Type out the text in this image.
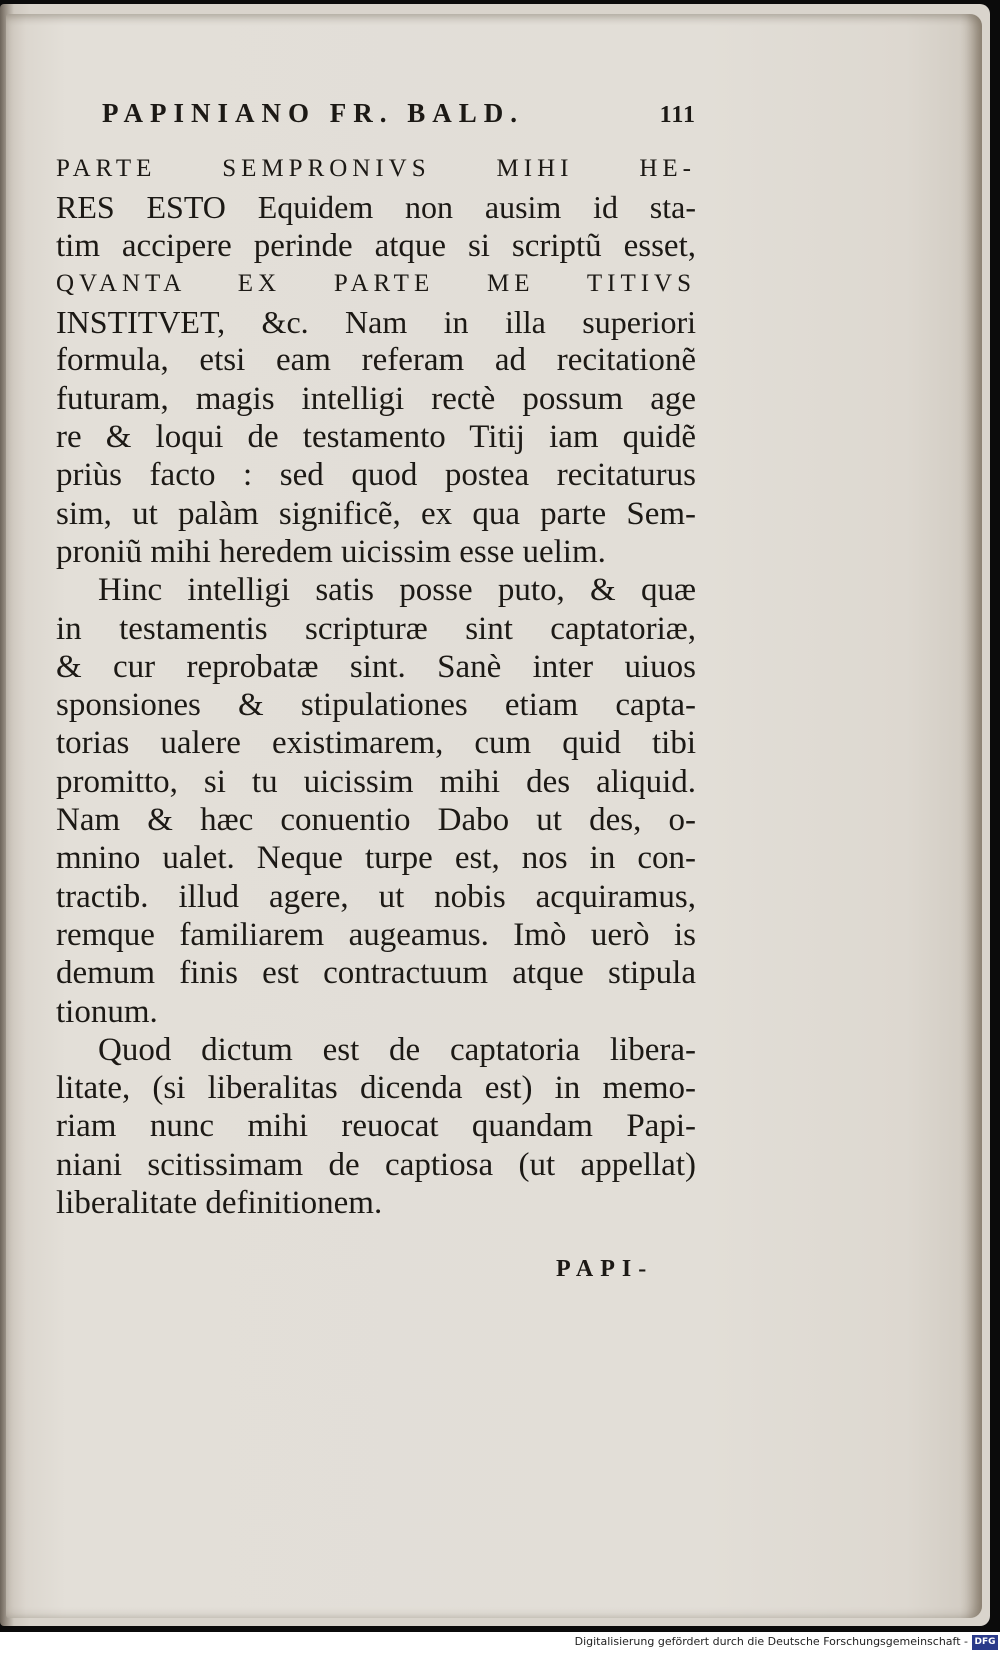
PAPINIANO FR. BALD.	111
PARTE SEMPRONIVS MIHI HE-
RES ESTO Equidem non ausim id sta-
tim accipere perinde atque si scriptũ esset,
QVANTA EX PARTE ME TITIVS
INSTITVET, &c. Nam in illa superiori
formula, etsi eam referam ad recitationẽ
futuram, magis intelligi rectè possum age
re & loqui de testamento Titij iam quidẽ
priùs facto : sed quod postea recitaturus
sim, ut palàm significẽ, ex qua parte Sem-
proniũ mihi heredem uicissim esse uelim.
Hinc intelligi satis posse puto, & quæ
in testamentis scripturæ sint captatoriæ,
& cur reprobatæ sint. Sanè inter uiuos
sponsiones & stipulationes etiam capta-
torias ualere existimarem, cum quid tibi
promitto, si tu uicissim mihi des aliquid.
Nam & hæc conuentio Dabo ut des, o-
mnino ualet. Neque turpe est, nos in con-
tractib. illud agere, ut nobis acquiramus,
remque familiarem augeamus. Imò uerò is
demum finis est contractuum atque stipula
tionum.
Quod dictum est de captatoria libera-
litate, (si liberalitas dicenda est) in memo-
riam nunc mihi reuocat quandam Papi-
niani scitissimam de captiosa (ut appellat)
liberalitate definitionem.
PAPI-
Digitalisierung gefördert durch die Deutsche Forschungsgemeinschaft - DFG
